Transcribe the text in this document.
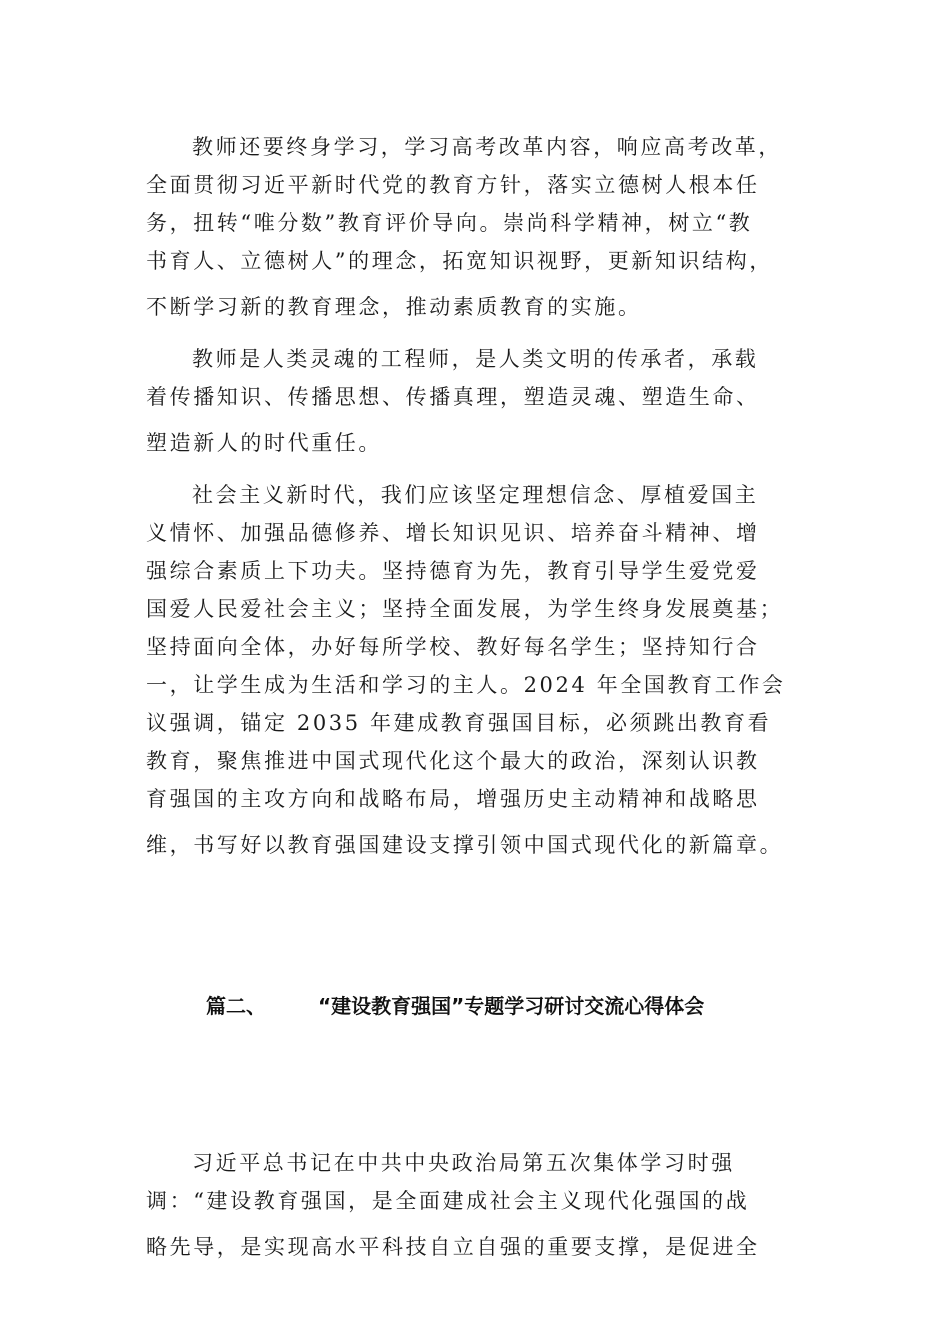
教师还要终身学习，学习高考改革内容，响应高考改革，
全面贯彻习近平新时代党的教育方针，落实立德树人根本任
务，扭转“唯分数”教育评价导向。崇尚科学精神，树立“教
书育人、立德树人”的理念，拓宽知识视野，更新知识结构，
不断学习新的教育理念，推动素质教育的实施。
教师是人类灵魂的工程师，是人类文明的传承者，承载
着传播知识、传播思想、传播真理，塑造灵魂、塑造生命、
塑造新人的时代重任。
社会主义新时代，我们应该坚定理想信念、厚植爱国主
义情怀、加强品德修养、增长知识见识、培养奋斗精神、增
强综合素质上下功夫。坚持德育为先，教育引导学生爱党爱
国爱人民爱社会主义；坚持全面发展，为学生终身发展奠基；
坚持面向全体，办好每所学校、教好每名学生；坚持知行合
一，让学生成为生活和学习的主人。2024 年全国教育工作会
议强调，锚定 2035 年建成教育强国目标，必须跳出教育看
教育，聚焦推进中国式现代化这个最大的政治，深刻认识教
育强国的主攻方向和战略布局，增强历史主动精神和战略思
维，书写好以教育强国建设支撑引领中国式现代化的新篇章。
篇二、	“建设教育强国”专题学习研讨交流心得体会
习近平总书记在中共中央政治局第五次集体学习时强
调：“建设教育强国，是全面建成社会主义现代化强国的战
略先导，是实现高水平科技自立自强的重要支撑，是促进全
